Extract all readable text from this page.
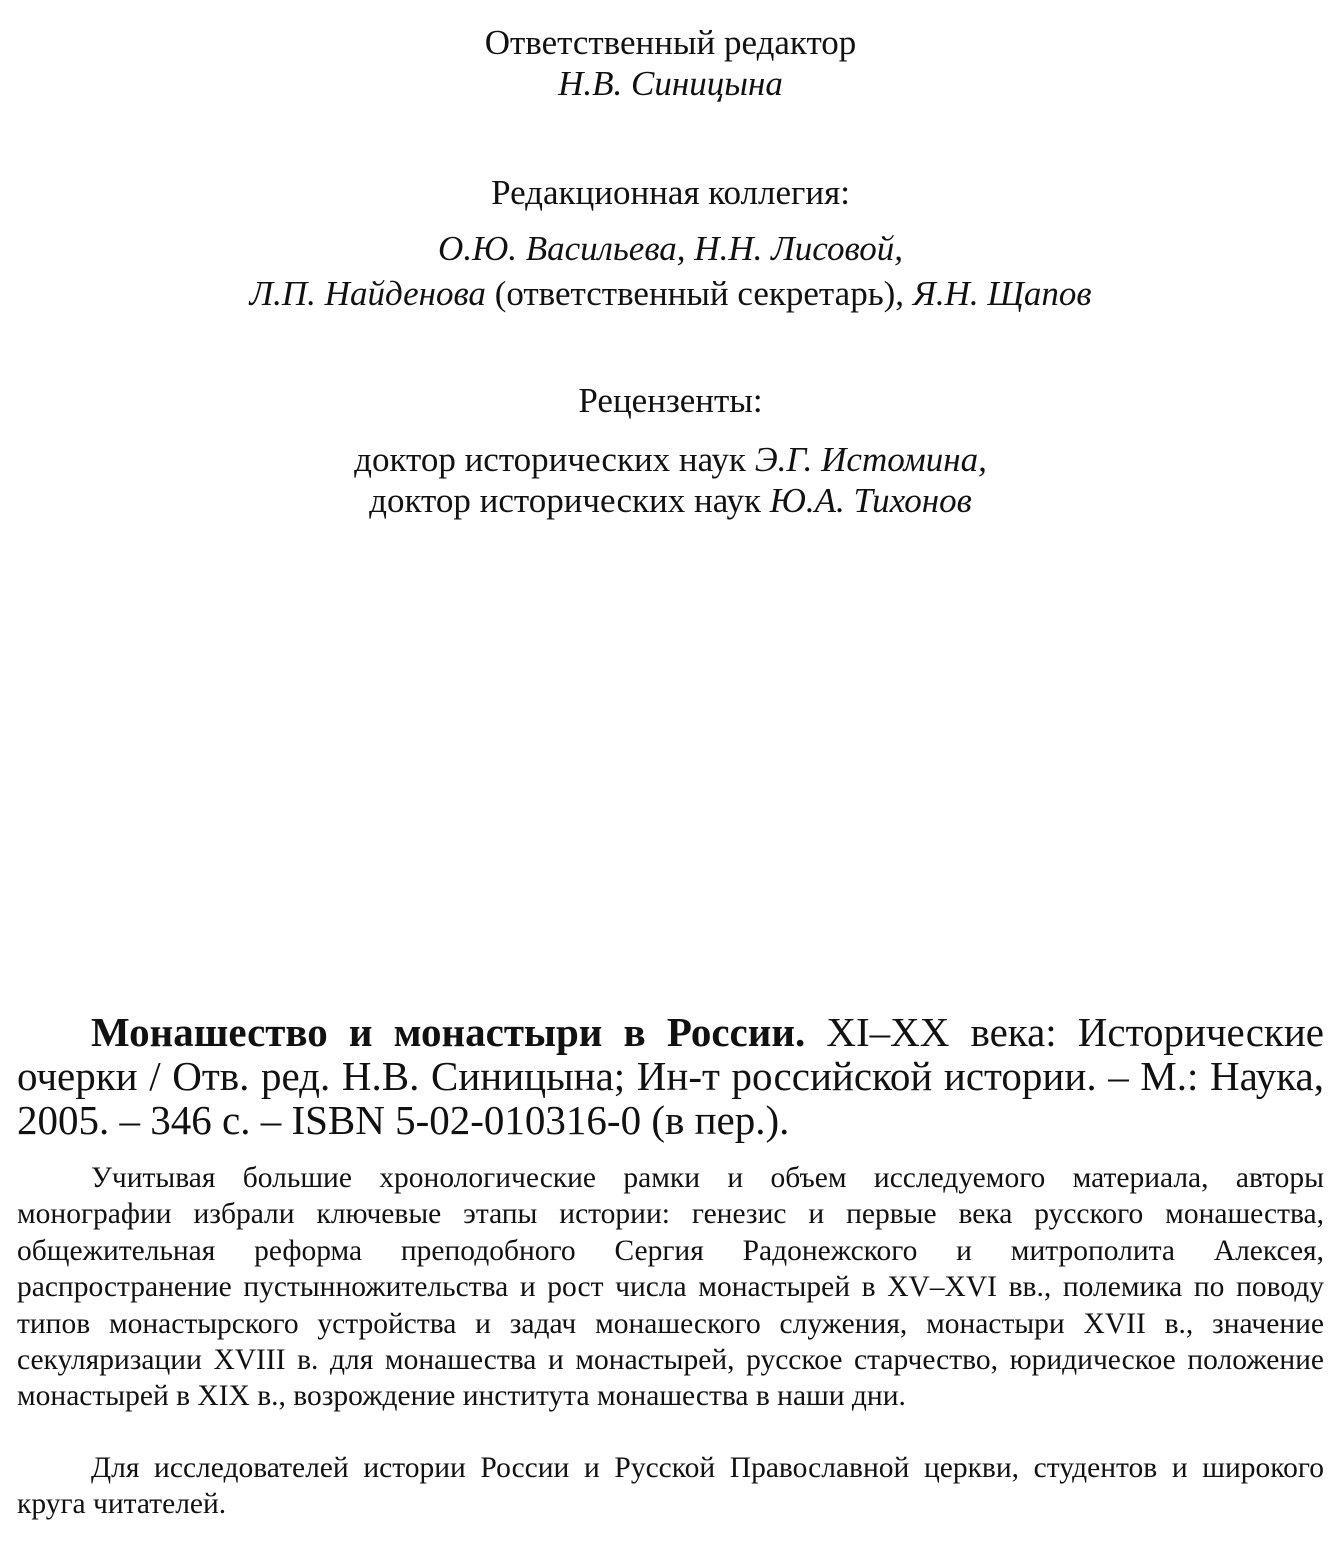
Ответственный редактор
Н.В. Синицына
Редакционная коллегия:
О.Ю. Васильева, Н.Н. Лисовой,
Л.П. Найденова (ответственный секретарь), Я.Н. Щапов
Рецензенты:
доктор исторических наук Э.Г. Истомина,
доктор исторических наук Ю.А. Тихонов
Монашество и монастыри в России. XI–XX века: Исторические очерки / Отв. ред. Н.В. Синицына; Ин-т российской истории. – М.: Наука, 2005. – 346 с. – ISBN 5-02-010316-0 (в пер.).

Учитывая большие хронологические рамки и объем исследуемого материала, авторы монографии избрали ключевые этапы истории: генезис и первые века русского монашества, общежительная реформа преподобного Сергия Радонежского и митрополита Алексея, распространение пустынножительства и рост числа монастырей в XV–XVI вв., полемика по поводу типов монастырского устройства и задач монашеского служения, монастыри XVII в., значение секуляризации XVIII в. для монашества и монастырей, русское старчество, юридическое положение монастырей в XIX в., возрождение института монашества в наши дни.

Для исследователей истории России и Русской Православной церкви, студентов и широкого круга читателей.
